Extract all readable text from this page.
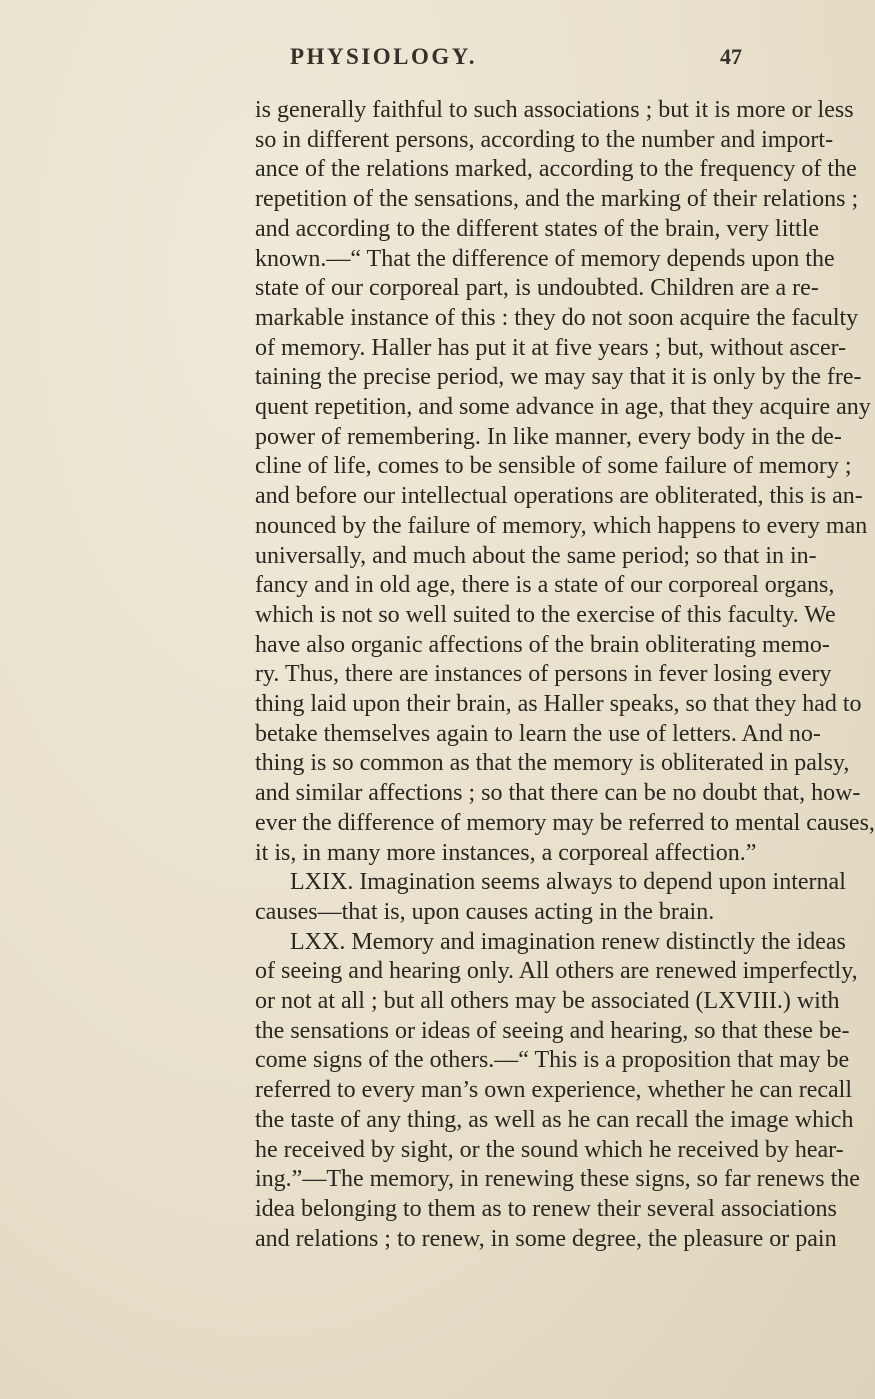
PHYSIOLOGY.	47
is generally faithful to such associations ; but it is more or less
so in different persons, according to the number and import-
ance of the relations marked, according to the frequency of the
repetition of the sensations, and the marking of their relations ;
and according to the different states of the brain, very little
known.—“ That the difference of memory depends upon the
state of our corporeal part, is undoubted. Children are a re-
markable instance of this : they do not soon acquire the faculty
of memory. Haller has put it at five years ; but, without ascer-
taining the precise period, we may say that it is only by the fre-
quent repetition, and some advance in age, that they acquire any
power of remembering. In like manner, every body in the de-
cline of life, comes to be sensible of some failure of memory ;
and before our intellectual operations are obliterated, this is an-
nounced by the failure of memory, which happens to every man
universally, and much about the same period; so that in in-
fancy and in old age, there is a state of our corporeal organs,
which is not so well suited to the exercise of this faculty. We
have also organic affections of the brain obliterating memo-
ry. Thus, there are instances of persons in fever losing every
thing laid upon their brain, as Haller speaks, so that they had to
betake themselves again to learn the use of letters. And no-
thing is so common as that the memory is obliterated in palsy,
and similar affections ; so that there can be no doubt that, how-
ever the difference of memory may be referred to mental causes,
it is, in many more instances, a corporeal affection.”
LXIX. Imagination seems always to depend upon internal
causes—that is, upon causes acting in the brain.
LXX. Memory and imagination renew distinctly the ideas
of seeing and hearing only. All others are renewed imperfectly,
or not at all ; but all others may be associated (LXVIII.) with
the sensations or ideas of seeing and hearing, so that these be-
come signs of the others.—“ This is a proposition that may be
referred to every man’s own experience, whether he can recall
the taste of any thing, as well as he can recall the image which
he received by sight, or the sound which he received by hear-
ing.”—The memory, in renewing these signs, so far renews the
idea belonging to them as to renew their several associations
and relations ; to renew, in some degree, the pleasure or pain
